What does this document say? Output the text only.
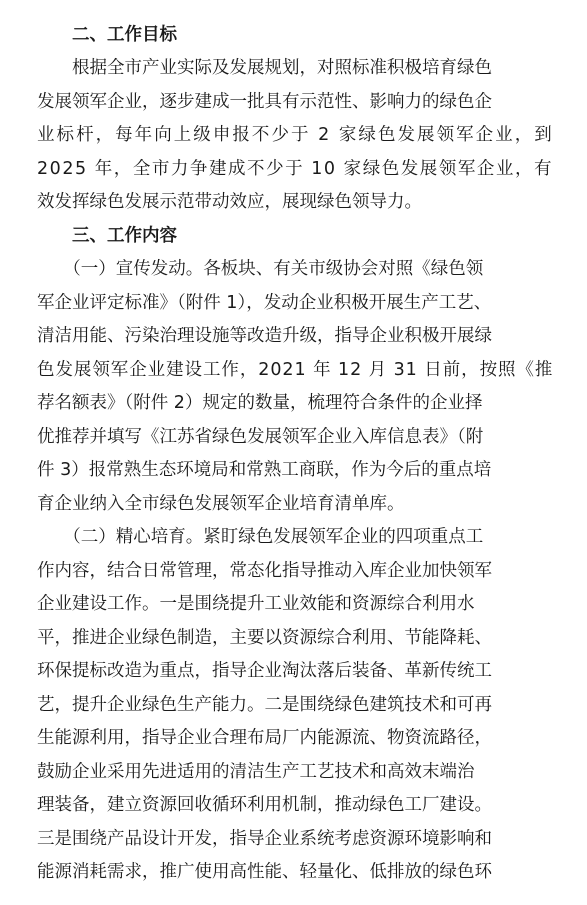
　　二、工作目标
　　根据全市产业实际及发展规划，对照标准积极培育绿色
发展领军企业，逐步建成一批具有示范性、影响力的绿色企
业标杆，每年向上级申报不少于 2 家绿色发展领军企业，到
2025 年，全市力争建成不少于 10 家绿色发展领军企业，有
效发挥绿色发展示范带动效应，展现绿色领导力。
　　三、工作内容
　　（一）宣传发动。各板块、有关市级协会对照《绿色领
军企业评定标准》（附件 1），发动企业积极开展生产工艺、
清洁用能、污染治理设施等改造升级，指导企业积极开展绿
色发展领军企业建设工作，2021 年 12 月 31 日前，按照《推
荐名额表》（附件 2）规定的数量，梳理符合条件的企业择
优推荐并填写《江苏省绿色发展领军企业入库信息表》（附
件 3）报常熟生态环境局和常熟工商联，作为今后的重点培
育企业纳入全市绿色发展领军企业培育清单库。
　　（二）精心培育。紧盯绿色发展领军企业的四项重点工
作内容，结合日常管理，常态化指导推动入库企业加快领军
企业建设工作。一是围绕提升工业效能和资源综合利用水
平，推进企业绿色制造，主要以资源综合利用、节能降耗、
环保提标改造为重点，指导企业淘汰落后装备、革新传统工
艺，提升企业绿色生产能力。二是围绕绿色建筑技术和可再
生能源利用，指导企业合理布局厂内能源流、物资流路径，
鼓励企业采用先进适用的清洁生产工艺技术和高效末端治
理装备，建立资源回收循环利用机制，推动绿色工厂建设。
三是围绕产品设计开发，指导企业系统考虑资源环境影响和
能源消耗需求，推广使用高性能、轻量化、低排放的绿色环
